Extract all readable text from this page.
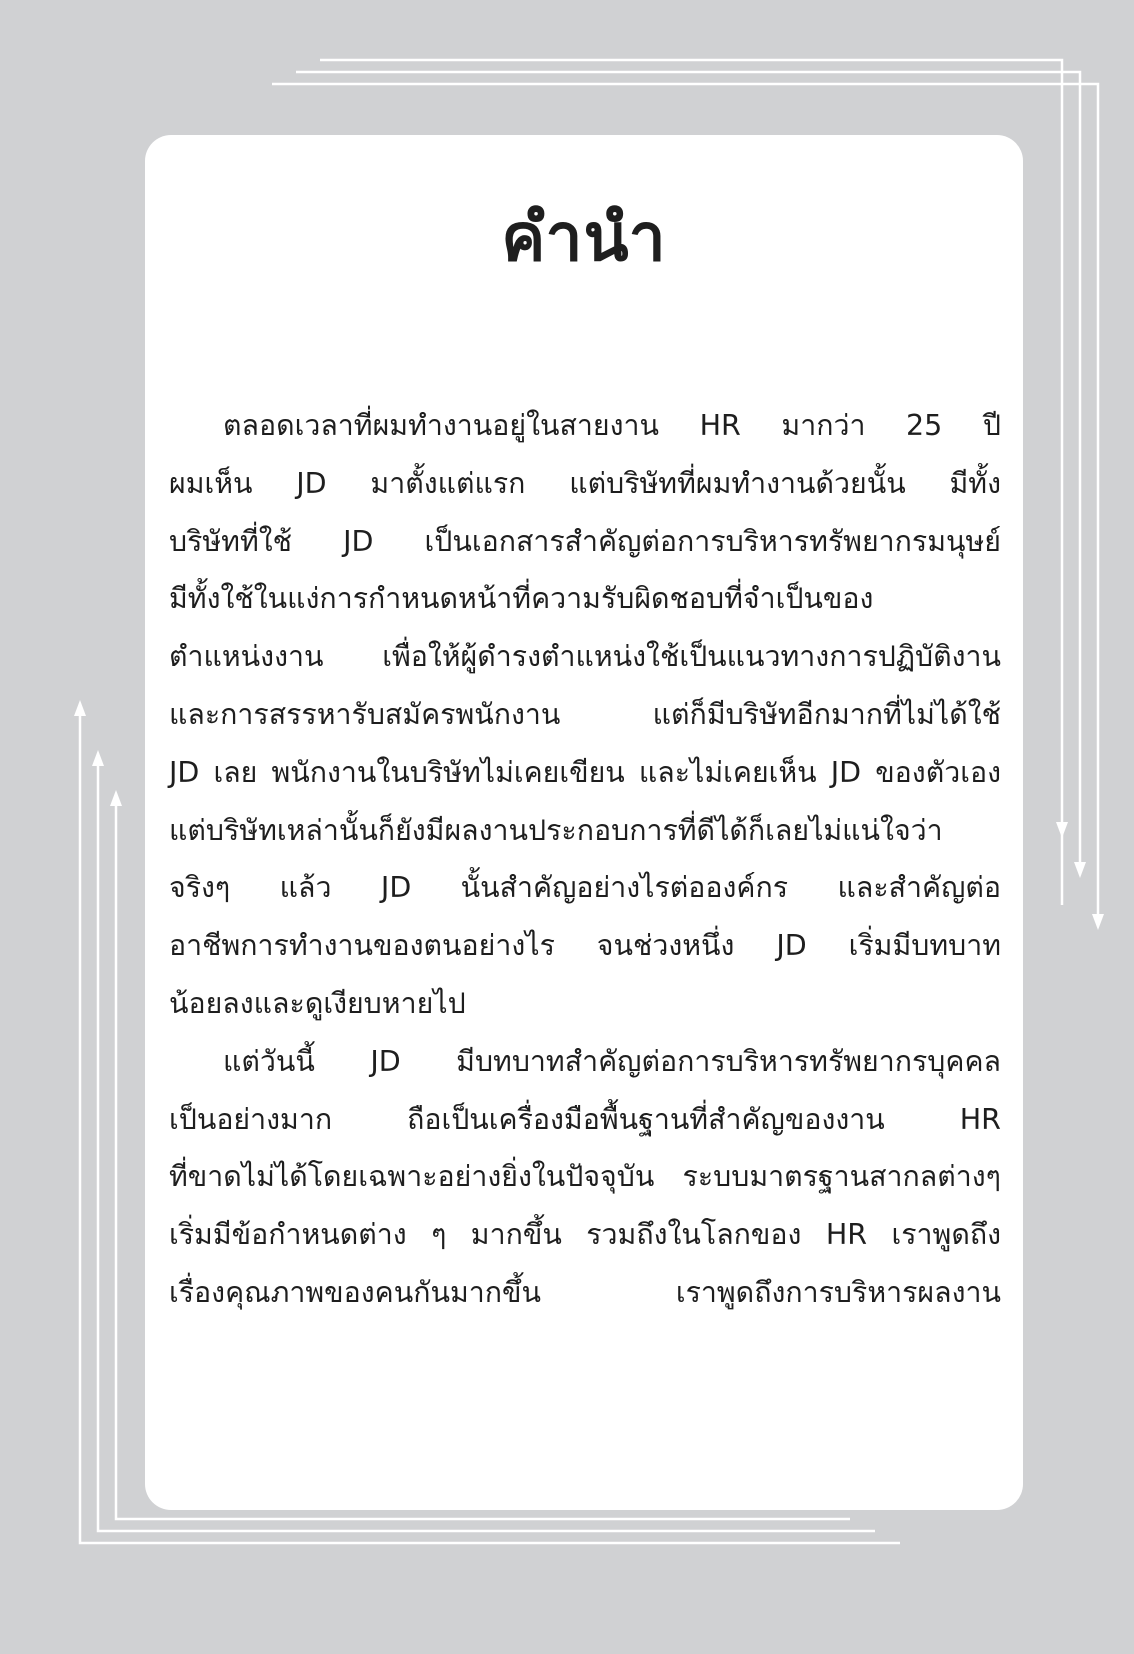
คำนำ

ตลอดเวลาที่ผมทำงานอยู่ในสายงาน HR มากว่า 25 ปี
ผมเห็น JD มาตั้งแต่แรก แต่บริษัทที่ผมทำงานด้วยนั้น มีทั้ง
บริษัทที่ใช้ JD เป็นเอกสารสำคัญต่อการบริหารทรัพยากรมนุษย์
มีทั้งใช้ในแง่การกำหนดหน้าที่ความรับผิดชอบที่จำเป็นของ
ตำแหน่งงาน เพื่อให้ผู้ดำรงตำแหน่งใช้เป็นแนวทางการปฏิบัติงาน
และการสรรหารับสมัครพนักงาน แต่ก็มีบริษัทอีกมากที่ไม่ได้ใช้
JD เลย พนักงานในบริษัทไม่เคยเขียน และไม่เคยเห็น JD ของตัวเอง
แต่บริษัทเหล่านั้นก็ยังมีผลงานประกอบการที่ดีได้ก็เลยไม่แน่ใจว่า
จริงๆ แล้ว JD นั้นสำคัญอย่างไรต่อองค์กร และสำคัญต่อ
อาชีพการทำงานของตนอย่างไร จนช่วงหนึ่ง JD เริ่มมีบทบาท
น้อยลงและดูเงียบหายไป

แต่วันนี้ JD มีบทบาทสำคัญต่อการบริหารทรัพยากรบุคคล
เป็นอย่างมาก ถือเป็นเครื่องมือพื้นฐานที่สำคัญของงาน HR
ที่ขาดไม่ได้โดยเฉพาะอย่างยิ่งในปัจจุบัน ระบบมาตรฐานสากลต่างๆ
เริ่มมีข้อกำหนดต่าง ๆ มากขึ้น รวมถึงในโลกของ HR เราพูดถึง
เรื่องคุณภาพของคนกันมากขึ้น เราพูดถึงการบริหารผลงาน
